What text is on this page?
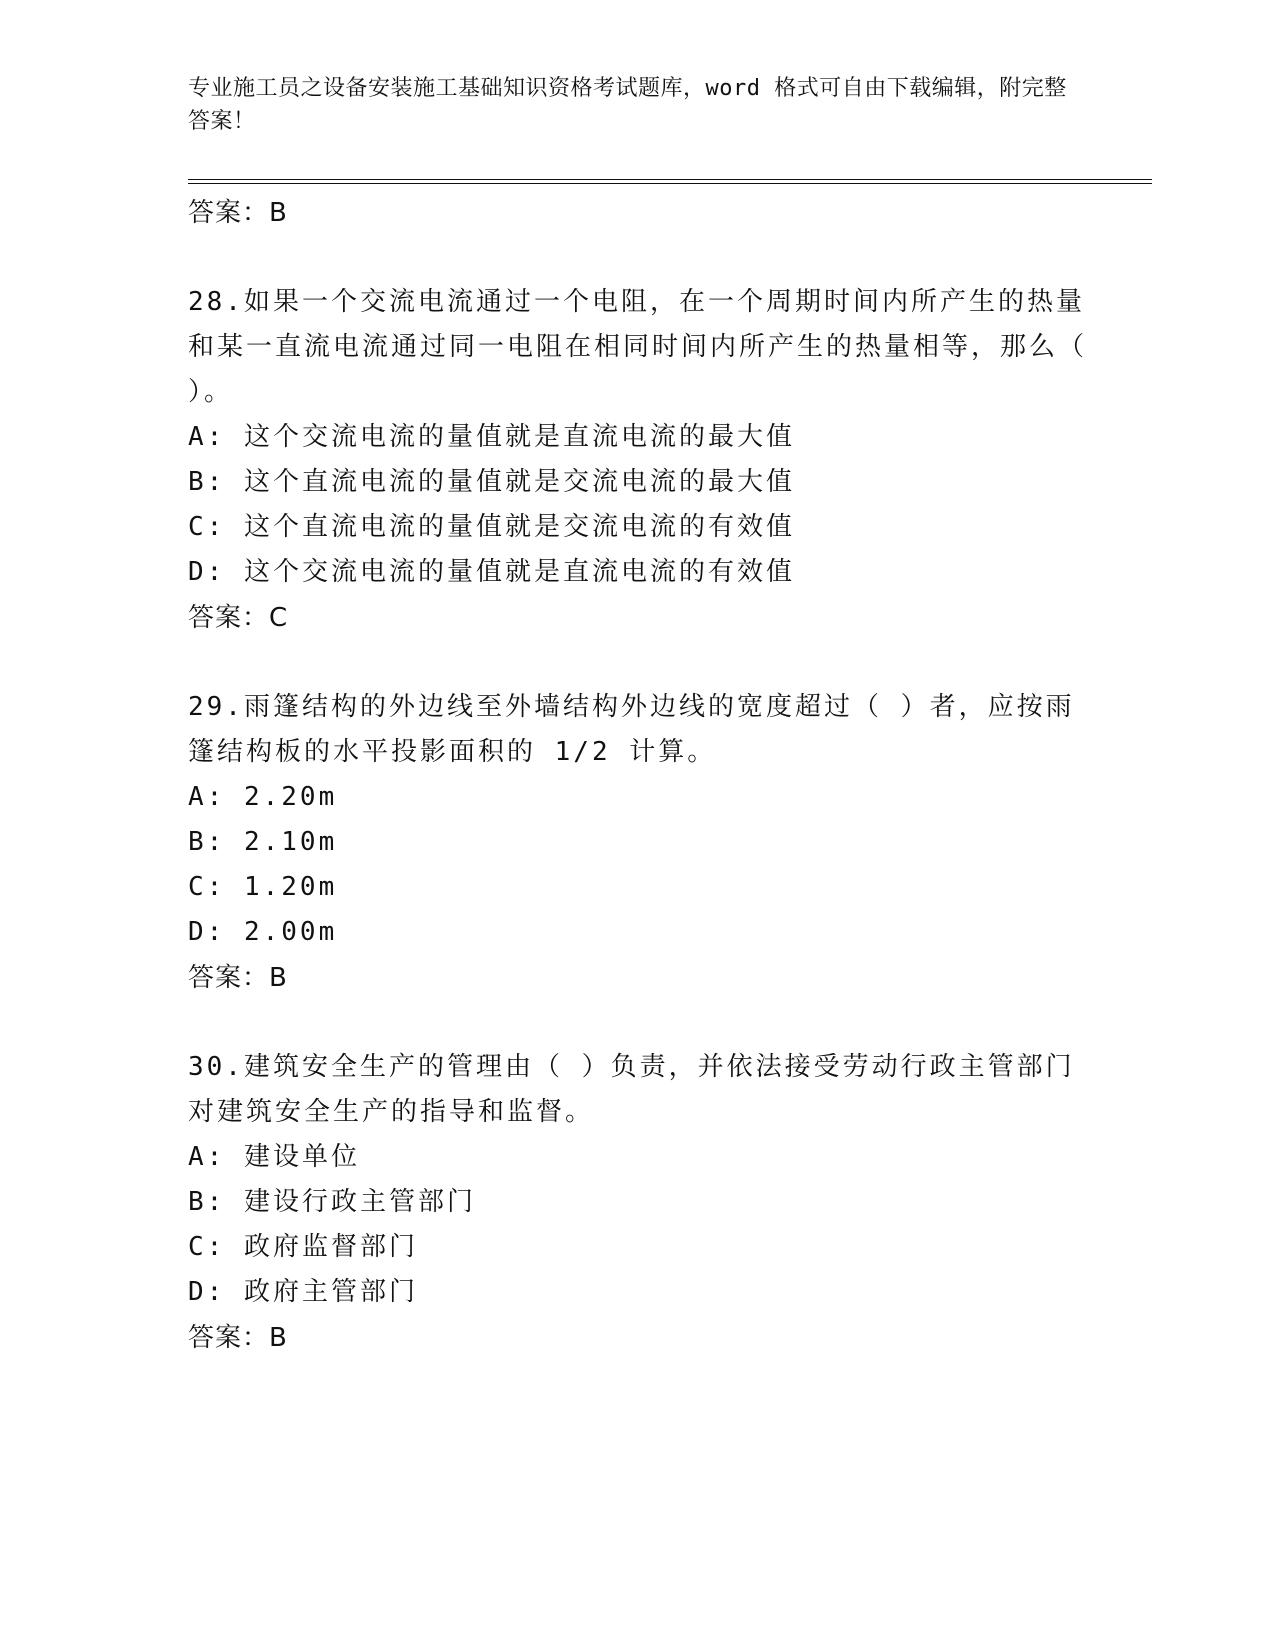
专业施工员之设备安装施工基础知识资格考试题库，word 格式可自由下载编辑，附完整答案！
答案：B
28.如果一个交流电流通过一个电阻，在一个周期时间内所产生的热量和某一直流电流通过同一电阻在相同时间内所产生的热量相等，那么（ ）。
A: 这个交流电流的量值就是直流电流的最大值
B: 这个直流电流的量值就是交流电流的最大值
C: 这个直流电流的量值就是交流电流的有效值
D: 这个交流电流的量值就是直流电流的有效值
答案：C
29.雨篷结构的外边线至外墙结构外边线的宽度超过（ ）者，应按雨篷结构板的水平投影面积的 1/2 计算。
A: 2.20m
B: 2.10m
C: 1.20m
D: 2.00m
答案：B
30.建筑安全生产的管理由（ ）负责，并依法接受劳动行政主管部门对建筑安全生产的指导和监督。
A: 建设单位
B: 建设行政主管部门
C: 政府监督部门
D: 政府主管部门
答案：B
